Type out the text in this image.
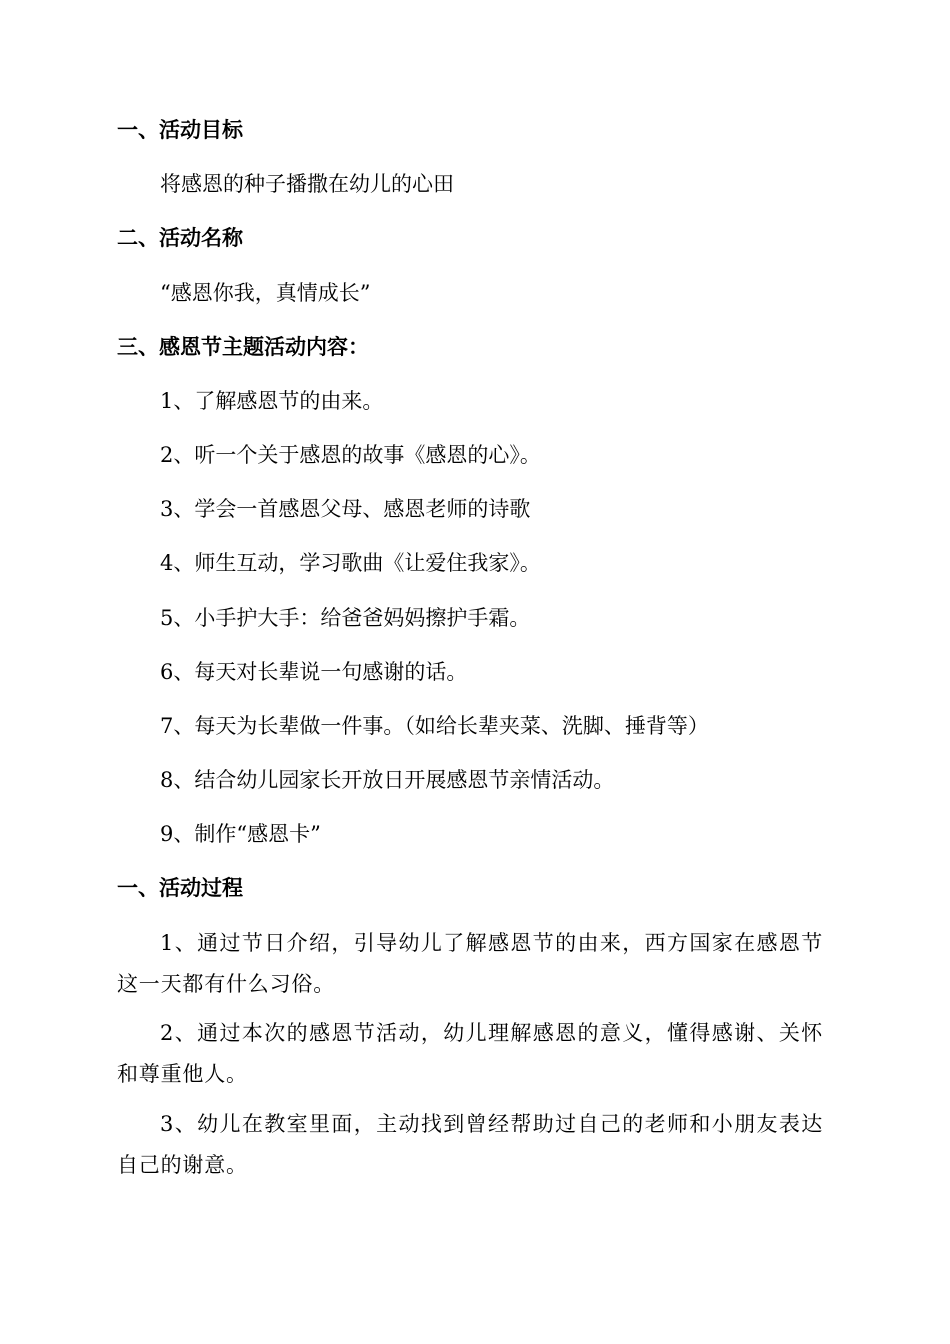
一、活动目标
将感恩的种子播撒在幼儿的心田
二、活动名称
“感恩你我，真情成长”
三、感恩节主题活动内容：
1、了解感恩节的由来。
2、听一个关于感恩的故事《感恩的心》。
3、学会一首感恩父母、感恩老师的诗歌
4、师生互动，学习歌曲《让爱住我家》。
5、小手护大手：给爸爸妈妈擦护手霜。
6、每天对长辈说一句感谢的话。
7、每天为长辈做一件事。（如给长辈夹菜、洗脚、捶背等）
8、结合幼儿园家长开放日开展感恩节亲情活动。
9、制作“感恩卡”
一、活动过程
1、通过节日介绍，引导幼儿了解感恩节的由来，西方国家在感恩节这一天都有什么习俗。
2、通过本次的感恩节活动，幼儿理解感恩的意义，懂得感谢、关怀和尊重他人。
3、幼儿在教室里面，主动找到曾经帮助过自己的老师和小朋友表达自己的谢意。
